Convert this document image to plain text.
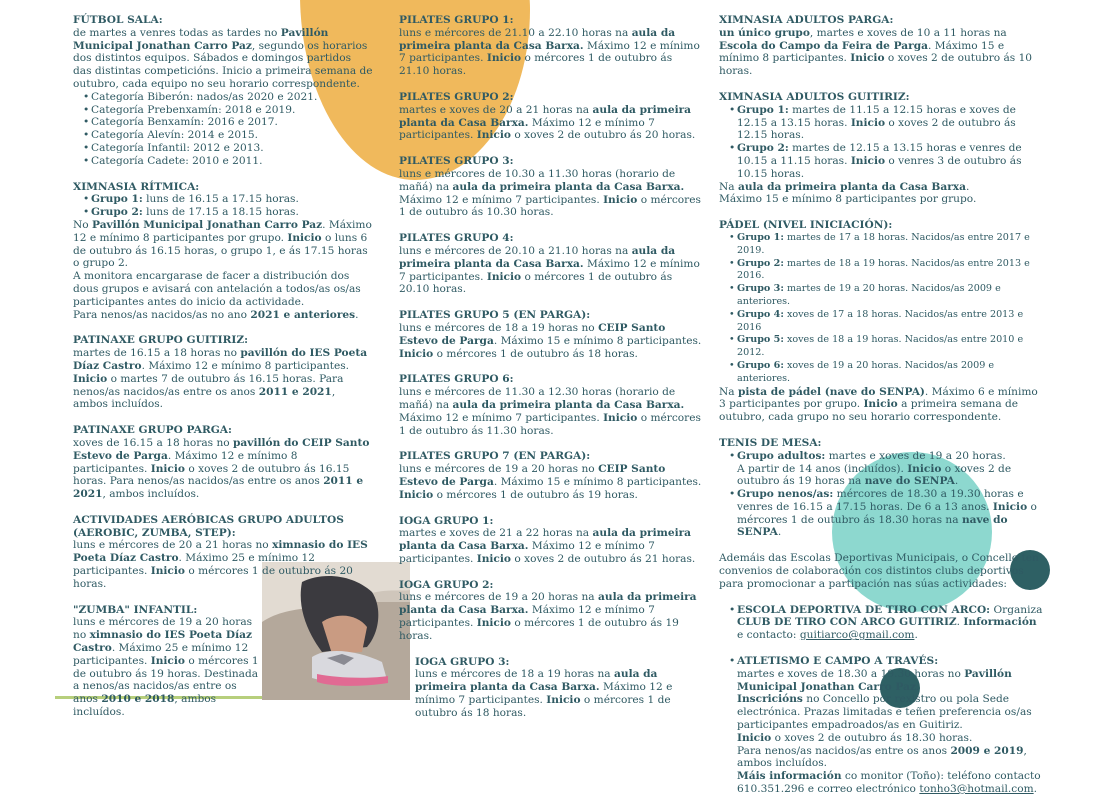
FÚTBOL SALA:
de martes a venres todas as tardes no Pavillón Municipal Jonathan Carro Paz, segundo os horarios dos distintos equipos. Sábados e domingos partidos das distintas competicións. Inicio a primeira semana de outubro, cada equipo no seu horario correspondente.
• Categoría Biberón: nados/as 2020 e 2021.
• Categoría Prebenxamín: 2018 e 2019.
• Categoría Benxamín: 2016 e 2017.
• Categoría Alevín: 2014 e 2015.
• Categoría Infantil: 2012 e 2013.
• Categoría Cadete: 2010 e 2011.
XIMNASIA RÍTMICA:
• Grupo 1: luns de 16.15 a 17.15 horas.
• Grupo 2: luns de 17.15 a 18.15 horas.
No Pavillón Municipal Jonathan Carro Paz. Máximo 12 e mínimo 8 participantes por grupo. Inicio o luns 6 de outubro ás 16.15 horas, o grupo 1, e ás 17.15 horas o grupo 2.
A monitora encargarase de facer a distribución dos dous grupos e avisará con antelación a todos/as os/as participantes antes do inicio da actividade.
Para nenos/as nacidos/as no ano 2021 e anteriores.
PATINAXE GRUPO GUITIRIZ:
martes de 16.15 a 18 horas no pavillón do IES Poeta Díaz Castro. Máximo 12 e mínimo 8 participantes. Inicio o martes 7 de outubro ás 16.15 horas. Para nenos/as nacidos/as entre os anos 2011 e 2021, ambos incluídos.
PATINAXE GRUPO PARGA:
xoves de 16.15 a 18 horas no pavillón do CEIP Santo Estevo de Parga. Máximo 12 e mínimo 8 participantes. Inicio o xoves 2 de outubro ás 16.15 horas. Para nenos/as nacidos/as entre os anos 2011 e 2021, ambos incluídos.
ACTIVIDADES AERÓBICAS GRUPO ADULTOS (AEROBIC, ZUMBA, STEP):
luns e mércores de 20 a 21 horas no ximnasio do IES Poeta Díaz Castro. Máximo 25 e mínimo 12 participantes. Inicio o mércores 1 de outubro ás 20 horas.
"ZUMBA" INFANTIL:
luns e mércores de 19 a 20 horas no ximnasio do IES Poeta Díaz Castro. Máximo 25 e mínimo 12 participantes. Inicio o mércores 1 de outubro ás 19 horas. Destinada a nenos/as nacidos/as entre os anos 2010 e 2018, ambos incluídos.
PILATES GRUPO 1:
luns e mércores de 21.10 a 22.10 horas na aula da primeira planta da Casa Barxa. Máximo 12 e mínimo 7 participantes. Inicio o mércores 1 de outubro ás 21.10 horas.
PILATES GRUPO 2:
martes e xoves de 20 a 21 horas na aula da primeira planta da Casa Barxa. Máximo 12 e mínimo 7 participantes. Inicio o xoves 2 de outubro ás 20 horas.
PILATES GRUPO 3:
luns e mércores de 10.30 a 11.30 horas (horario de mañá) na aula da primeira planta da Casa Barxa. Máximo 12 e mínimo 7 participantes. Inicio o mércores 1 de outubro ás 10.30 horas.
PILATES GRUPO 4:
luns e mércores de 20.10 a 21.10 horas na aula da primeira planta da Casa Barxa. Máximo 12 e mínimo 7 participantes. Inicio o mércores 1 de outubro ás 20.10 horas.
PILATES GRUPO 5 (EN PARGA):
luns e mércores de 18 a 19 horas no CEIP Santo Estevo de Parga. Máximo 15 e mínimo 8 participantes. Inicio o mércores 1 de outubro ás 18 horas.
PILATES GRUPO 6:
luns e mércores de 11.30 a 12.30 horas (horario de mañá) na aula da primeira planta da Casa Barxa. Máximo 12 e mínimo 7 participantes. Inicio o mércores 1 de outubro ás 11.30 horas.
PILATES GRUPO 7 (EN PARGA):
luns e mércores de 19 a 20 horas no CEIP Santo Estevo de Parga. Máximo 15 e mínimo 8 participantes. Inicio o mércores 1 de outubro ás 19 horas.
IOGA GRUPO 1:
martes e xoves de 21 a 22 horas na aula da primeira planta da Casa Barxa. Máximo 12 e mínimo 7 participantes. Inicio o xoves 2 de outubro ás 21 horas.
IOGA GRUPO 2:
luns e mércores de 19 a 20 horas na aula da primeira planta da Casa Barxa. Máximo 12 e mínimo 7 participantes. Inicio o mércores 1 de outubro ás 19 horas.
IOGA GRUPO 3:
luns e mércores de 18 a 19 horas na aula da primeira planta da Casa Barxa. Máximo 12 e mínimo 7 participantes. Inicio o mércores 1 de outubro ás 18 horas.
XIMNASIA ADULTOS PARGA:
un único grupo, martes e xoves de 10 a 11 horas na Escola do Campo da Feira de Parga. Máximo 15 e mínimo 8 participantes. Inicio o xoves 2 de outubro ás 10 horas.
XIMNASIA ADULTOS GUITIRIZ:
• Grupo 1: martes de 11.15 a 12.15 horas e xoves de 12.15 a 13.15 horas. Inicio o xoves 2 de outubro ás 12.15 horas.
• Grupo 2: martes de 12.15 a 13.15 horas e venres de 10.15 a 11.15 horas. Inicio o venres 3 de outubro ás 10.15 horas.
Na aula da primeira planta da Casa Barxa.
Máximo 15 e mínimo 8 participantes por grupo.
PÁDEL (NIVEL INICIACIÓN):
• Grupo 1: martes de 17 a 18 horas. Nacidos/as entre 2017 e 2019.
• Grupo 2: martes de 18 a 19 horas. Nacidos/as entre 2013 e 2016.
• Grupo 3: martes de 19 a 20 horas. Nacidos/as 2009 e anteriores.
• Grupo 4: xoves de 17 a 18 horas. Nacidos/as entre 2013 e 2016
• Grupo 5: xoves de 18 a 19 horas. Nacidos/as entre 2010 e 2012.
• Grupo 6: xoves de 19 a 20 horas. Nacidos/as 2009 e anteriores.
Na pista de pádel (nave do SENPA). Máximo 6 e mínimo 3 participantes por grupo. Inicio a primeira semana de outubro, cada grupo no seu horario correspondente.
TENIS DE MESA:
• Grupo adultos: martes e xoves de 19 a 20 horas.
A partir de 14 anos (incluídos). Inicio o xoves 2 de outubro ás 19 horas na nave do SENPA.
• Grupo nenos/as: mércores de 18.30 a 19.30 horas e venres de 16.15 a 17.15 horas. De 6 a 13 anos. Inicio o mércores 1 de outubro ás 18.30 horas na nave do SENPA.
Ademáis das Escolas Deportivas Municipais, o Concello ten convenios de colaboración cos distintos clubs deportivos para promocionar a partipación nas súas actividades:
• ESCOLA DEPORTIVA DE TIRO CON ARCO: Organiza CLUB DE TIRO CON ARCO GUITIRIZ. Información e contacto: guitiarco@gmail.com.
• ATLETISMO E CAMPO A TRAVÉS:
martes e xoves de 18.30 a 19.30 horas no Pavillón Municipal Jonathan Carro Paz.
Inscricións no Concello por rexistro ou pola Sede electrónica. Prazas limitadas e teñen preferencia os/as participantes empadroados/as en Guitiriz.
Inicio o xoves 2 de outubro ás 18.30 horas.
Para nenos/as nacidos/as entre os anos 2009 e 2019, ambos incluídos.
Máis información co monitor (Toño): teléfono contacto 610.351.296 e correo electrónico tonho3@hotmail.com.
